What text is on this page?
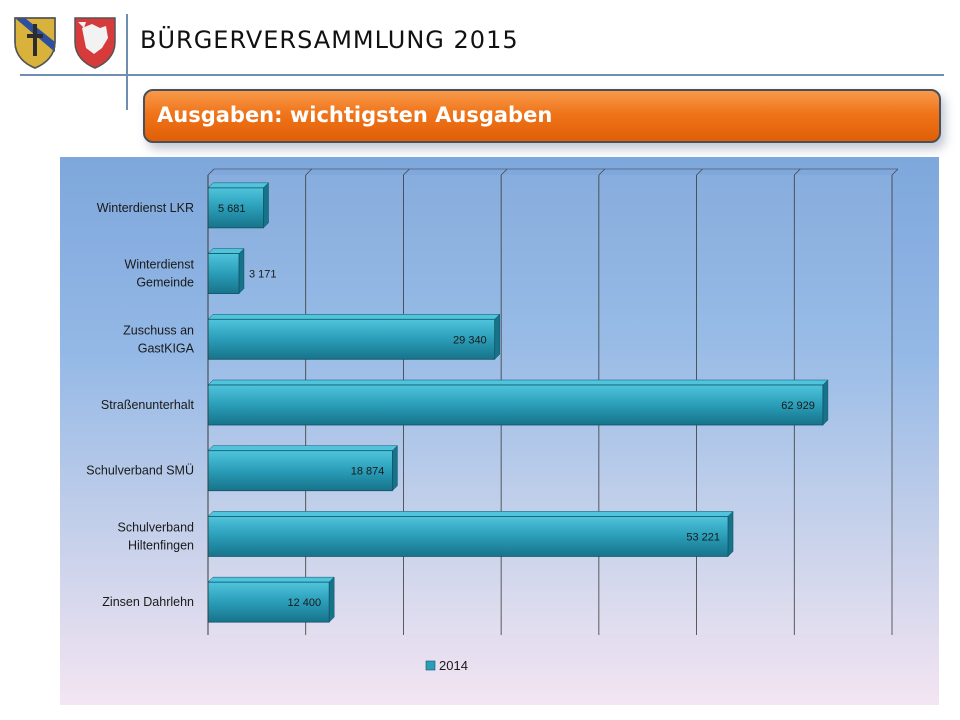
BÜRGERVERSAMMLUNG 2015
Ausgaben: wichtigsten Ausgaben
5 681
Winterdienst LKR
3 171
Winterdienst Gemeinde
29 340
Zuschuss an GastKIGA
62 929
Straßenunterhalt
18 874
Schulverband SMÜ
53 221
Schulverband Hiltenfingen
12 400
Zinsen Dahrlehn
2014
